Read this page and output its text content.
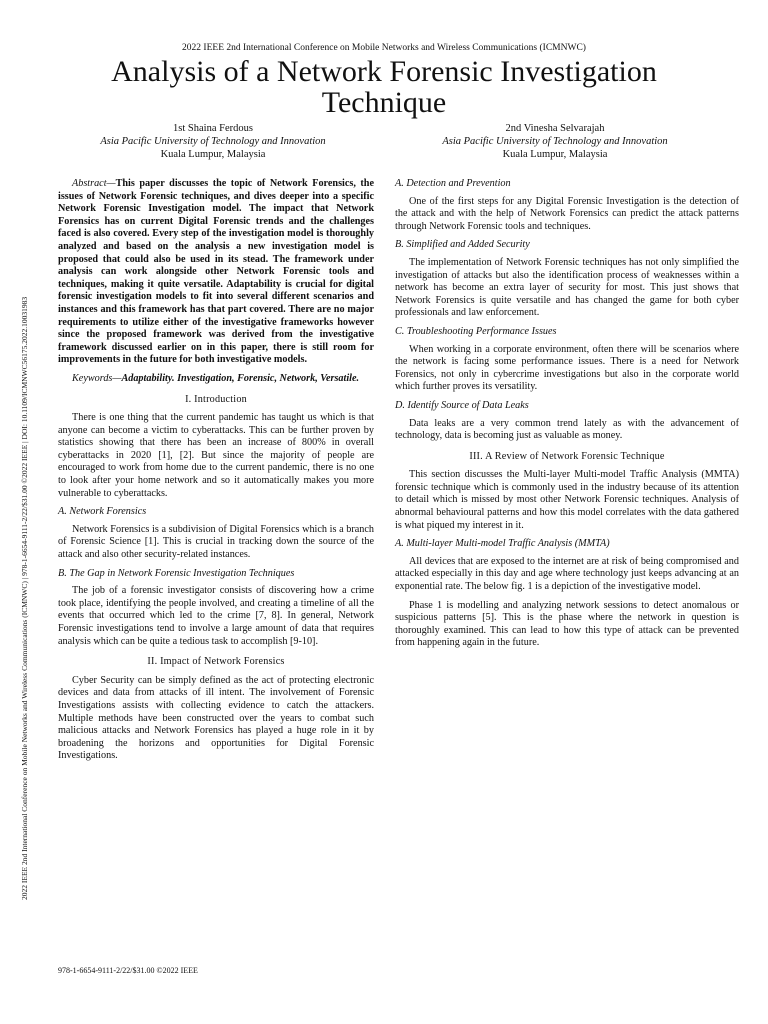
2022 IEEE 2nd International Conference on Mobile Networks and Wireless Communications (ICMNWC)
Analysis of a Network Forensic Investigation Technique
2022 IEEE 2nd International Conference on Mobile Networks and Wireless Communications (ICMNWC) | 978-1-6654-9111-2/22/$31.00 ©2022 IEEE | DOI: 10.1109/ICMNWC56175.2022.10031983
1st Shaina Ferdous
Asia Pacific University of Technology and Innovation
Kuala Lumpur, Malaysia
2nd Vinesha Selvarajah
Asia Pacific University of Technology and Innovation
Kuala Lumpur, Malaysia

Abstract—This paper discusses the topic of Network Forensics, the issues of Network Forensic techniques, and dives deeper into a specific Network Forensic Investigation model. The impact that Network Forensics has on current Digital Forensic trends and the challenges faced is also covered. Every step of the investigation model is thoroughly analyzed and based on the analysis a new investigation model is proposed that could also be used in its stead. The framework under analysis can work alongside other Network Forensic tools and techniques, making it quite versatile. Adaptability is crucial for digital forensic investigation models to fit into several different scenarios and instances and this framework has that part covered. There are no major requirements to utilize either of the investigative frameworks however since the proposed framework was derived from the investigative framework discussed earlier on in this paper, there is still room for improvements in the future for both investigative models.

Keywords—Adaptability. Investigation, Forensic, Network, Versatile.

I. Introduction

There is one thing that the current pandemic has taught us which is that anyone can become a victim to cyberattacks. This can be further proven by statistics showing that there has been an increase of 800% in overall cyberattacks in 2020 [1], [2]. But since the majority of people are encouraged to work from home due to the current pandemic, there is no one to look after your home network and so it automatically makes you more vulnerable to cyberattacks.

A. Network Forensics

Network Forensics is a subdivision of Digital Forensics which is a branch of Forensic Science [1]. This is crucial in tracking down the source of the attack and also other security-related instances.

B. The Gap in Network Forensic Investigation Techniques

The job of a forensic investigator consists of discovering how a crime took place, identifying the people involved, and creating a timeline of all the events that occurred which led to the crime [7, 8]. In general, Network Forensic investigations tend to involve a large amount of data that requires analysis which can be quite a tedious task to accomplish [9-10].

II. Impact of Network Forensics

Cyber Security can be simply defined as the act of protecting electronic devices and data from attacks of ill intent. The involvement of Forensic Investigations assists with collecting evidence to catch the attackers. Multiple methods have been constructed over the years to combat such malicious attacks and Network Forensics has played a huge role in it by broadening the horizons and opportunities for Digital Forensic Investigations.

A. Detection and Prevention

One of the first steps for any Digital Forensic Investigation is the detection of the attack and with the help of Network Forensics can predict the attack patterns through Network Forensic tools and techniques.

B. Simplified and Added Security

The implementation of Network Forensic techniques has not only simplified the investigation of attacks but also the identification process of weaknesses within a network has become an extra layer of security for most. This just shows that Network Forensics is quite versatile and has changed the game for both cyber professionals and law enforcement.

C. Troubleshooting Performance Issues

When working in a corporate environment, often there will be scenarios where the network is facing some performance issues. There is a need for Network Forensics, not only in cybercrime investigations but also in the corporate world which further proves its versatility.

D. Identify Source of Data Leaks

Data leaks are a very common trend lately as with the advancement of technology, data is becoming just as valuable as money.

III. A Review of Network Forensic Technique

This section discusses the Multi-layer Multi-model Traffic Analysis (MMTA) forensic technique which is commonly used in the industry because of its attention to detail which is missed by most other Network Forensic techniques. Analysis of abnormal behavioural patterns and how this model correlates with the data gathered is what piqued my interest in it.

A. Multi-layer Multi-model Traffic Analysis (MMTA)

All devices that are exposed to the internet are at risk of being compromised and attacked especially in this day and age where technology just keeps advancing at an exponential rate. The below fig. 1 is a depiction of the investigative model.

Phase 1 is modelling and analyzing network sessions to detect anomalous or suspicious patterns [5]. This is the phase where the network in question is thoroughly examined. This can lead to how this type of attack can be prevented from happening again in the future.

978-1-6654-9111-2/22/$31.00 ©2022 IEEE
